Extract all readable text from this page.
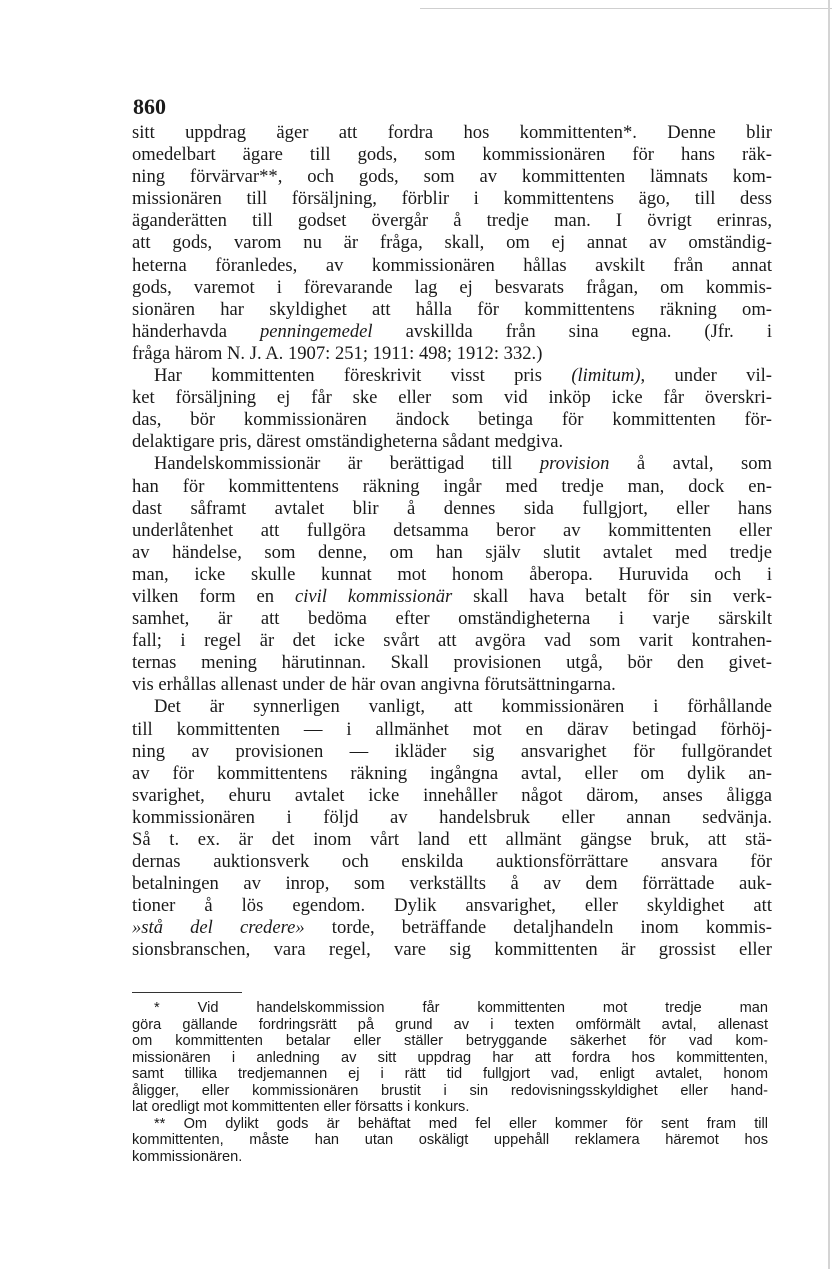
860
sitt uppdrag äger att fordra hos kommittenten*. Denne blir
omedelbart ägare till gods, som kommissionären för hans räk-
ning förvärvar**, och gods, som av kommittenten lämnats kom-
missionären till försäljning, förblir i kommittentens ägo, till dess
äganderätten till godset övergår å tredje man. I övrigt erinras,
att gods, varom nu är fråga, skall, om ej annat av omständig-
heterna föranledes, av kommissionären hållas avskilt från annat
gods, varemot i förevarande lag ej besvarats frågan, om kommis-
sionären har skyldighet att hålla för kommittentens räkning om-
händerhavda penningemedel avskillda från sina egna. (Jfr. i
fråga härom N. J. A. 1907: 251; 1911: 498; 1912: 332.)
Har kommittenten föreskrivit visst pris (limitum), under vil-
ket försäljning ej får ske eller som vid inköp icke får överskri-
das, bör kommissionären ändock betinga för kommittenten för-
delaktigare pris, därest omständigheterna sådant medgiva.
Handelskommissionär är berättigad till provision å avtal, som
han för kommittentens räkning ingår med tredje man, dock en-
dast såframt avtalet blir å dennes sida fullgjort, eller hans
underlåtenhet att fullgöra detsamma beror av kommittenten eller
av händelse, som denne, om han själv slutit avtalet med tredje
man, icke skulle kunnat mot honom åberopa. Huruvida och i
vilken form en civil kommissionär skall hava betalt för sin verk-
samhet, är att bedöma efter omständigheterna i varje särskilt
fall; i regel är det icke svårt att avgöra vad som varit kontrahen-
ternas mening härutinnan. Skall provisionen utgå, bör den givet-
vis erhållas allenast under de här ovan angivna förutsättningarna.
Det är synnerligen vanligt, att kommissionären i förhållande
till kommittenten — i allmänhet mot en därav betingad förhöj-
ning av provisionen — ikläder sig ansvarighet för fullgörandet
av för kommittentens räkning ingångna avtal, eller om dylik an-
svarighet, ehuru avtalet icke innehåller något därom, anses åligga
kommissionären i följd av handelsbruk eller annan sedvänja.
Så t. ex. är det inom vårt land ett allmänt gängse bruk, att stä-
dernas auktionsverk och enskilda auktionsförrättare ansvara för
betalningen av inrop, som verkställts å av dem förrättade auk-
tioner å lös egendom. Dylik ansvarighet, eller skyldighet att
»stå del credere» torde, beträffande detaljhandeln inom kommis-
sionsbranschen, vara regel, vare sig kommittenten är grossist eller
* Vid handelskommission får kommittenten mot tredje man
göra gällande fordringsrätt på grund av i texten omförmält avtal, allenast
om kommittenten betalar eller ställer betryggande säkerhet för vad kom-
missionären i anledning av sitt uppdrag har att fordra hos kommittenten,
samt tillika tredjemannen ej i rätt tid fullgjort vad, enligt avtalet, honom
åligger, eller kommissionären brustit i sin redovisningsskyldighet eller hand-
lat oredligt mot kommittenten eller försatts i konkurs.
** Om dylikt gods är behäftat med fel eller kommer för sent fram till
kommittenten, måste han utan oskäligt uppehåll reklamera häremot hos
kommissionären.
